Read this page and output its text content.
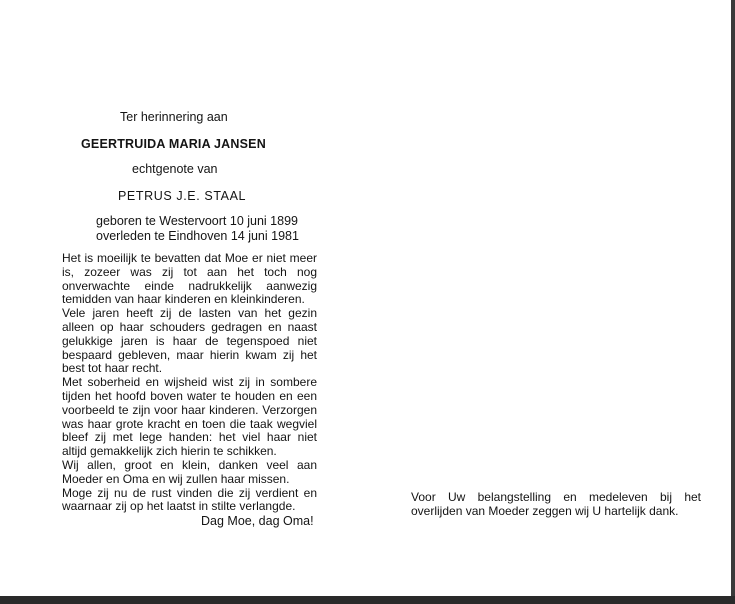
Ter herinnering aan
GEERTRUIDA MARIA JANSEN
echtgenote van
PETRUS J.E. STAAL
geboren te Westervoort 10 juni 1899
overleden te Eindhoven 14 juni 1981

Het is moeilijk te bevatten dat Moe er niet meer is, zozeer was zij tot aan het toch nog onverwachte einde nadrukkelijk aanwezig temidden van haar kinderen en kleinkinderen.

Vele jaren heeft zij de lasten van het gezin alleen op haar schouders gedragen en naast gelukkige jaren is haar de tegenspoed niet bespaard gebleven, maar hierin kwam zij het best tot haar recht.

Met soberheid en wijsheid wist zij in sombere tijden het hoofd boven water te houden en een voorbeeld te zijn voor haar kinderen. Verzorgen was haar grote kracht en toen die taak wegviel bleef zij met lege handen: het viel haar niet altijd gemakkelijk zich hierin te schikken.

Wij allen, groot en klein, danken veel aan Moeder en Oma en wij zullen haar missen.

Moge zij nu de rust vinden die zij verdient en waarnaar zij op het laatst in stilte verlangde.

Dag Moe, dag Oma!

Voor Uw belangstelling en medeleven bij het overlijden van Moeder zeggen wij U hartelijk dank.
